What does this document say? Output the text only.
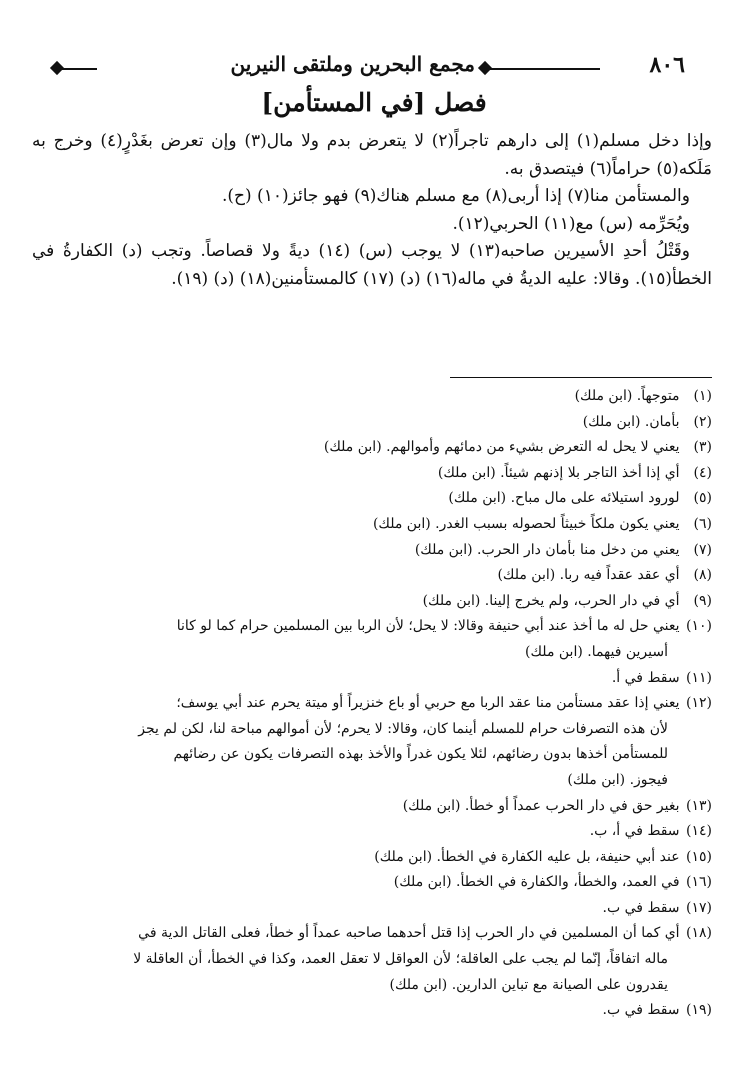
٨٠٦
مجمع البحرين وملتقى النيرين
فصل [في المستأمن]

وإذا دخل مسلم(١) إلى دارهم تاجراً(٢) لا يتعرض بدم ولا مال(٣) وإن تعرض بغَدْرٍ(٤) وخرج به مَلَكه(٥) حراماً(٦) فيتصدق به.

والمستأمن منا(٧) إذا أربى(٨) مع مسلم هناك(٩) فهو جائز(١٠) (ح).

ويُحَرِّمه (س) مع(١١) الحربي(١٢).

وقَتْلُ أحدِ الأسيرين صاحبه(١٣) لا يوجب (س) (١٤) ديةً ولا قصاصاً. وتجب (د) الكفارةُ في الخطأ(١٥). وقالا: عليه الديةُ في ماله(١٦) (د) (١٧) كالمستأمنين(١٨) (د) (١٩).

(١) متوجهاً. (ابن ملك)
(٢) بأمان. (ابن ملك)
(٣) يعني لا يحل له التعرض بشيء من دمائهم وأموالهم. (ابن ملك)
(٤) أي إذا أخذ التاجر بلا إذنهم شيئاً. (ابن ملك)
(٥) لورود استيلائه على مال مباح. (ابن ملك)
(٦) يعني يكون ملكاً خبيثاً لحصوله بسبب الغدر. (ابن ملك)
(٧) يعني من دخل منا بأمان دار الحرب. (ابن ملك)
(٨) أي عقد عقداً فيه ربا. (ابن ملك)
(٩) أي في دار الحرب، ولم يخرج إلينا. (ابن ملك)
(١٠) يعني حل له ما أخذ عند أبي حنيفة وقالا: لا يحل؛ لأن الربا بين المسلمين حرام كما لو كانا
أسيرين فيهما. (ابن ملك)
(١١) سقط في أ.
(١٢) يعني إذا عقد مستأمن منا عقد الربا مع حربي أو باع خنزيراً أو ميتة يحرم عند أبي يوسف؛
لأن هذه التصرفات حرام للمسلم أينما كان، وقالا: لا يحرم؛ لأن أموالهم مباحة لنا، لكن لم يجز
للمستأمن أخذها بدون رضائهم، لئلا يكون غدراً والأخذ بهذه التصرفات يكون عن رضائهم
فيجوز. (ابن ملك)
(١٣) بغير حق في دار الحرب عمداً أو خطأ. (ابن ملك)
(١٤) سقط في أ، ب.
(١٥) عند أبي حنيفة، بل عليه الكفارة في الخطأ. (ابن ملك)
(١٦) في العمد، والخطأ، والكفارة في الخطأ. (ابن ملك)
(١٧) سقط في ب.
(١٨) أي كما أن المسلمين في دار الحرب إذا قتل أحدهما صاحبه عمداً أو خطأ، فعلى القاتل الدية في
ماله اتفاقاً، إنّما لم يجب على العاقلة؛ لأن العواقل لا تعقل العمد، وكذا في الخطأ، أن العاقلة لا
يقدرون على الصيانة مع تباين الدارين. (ابن ملك)
(١٩) سقط في ب.
